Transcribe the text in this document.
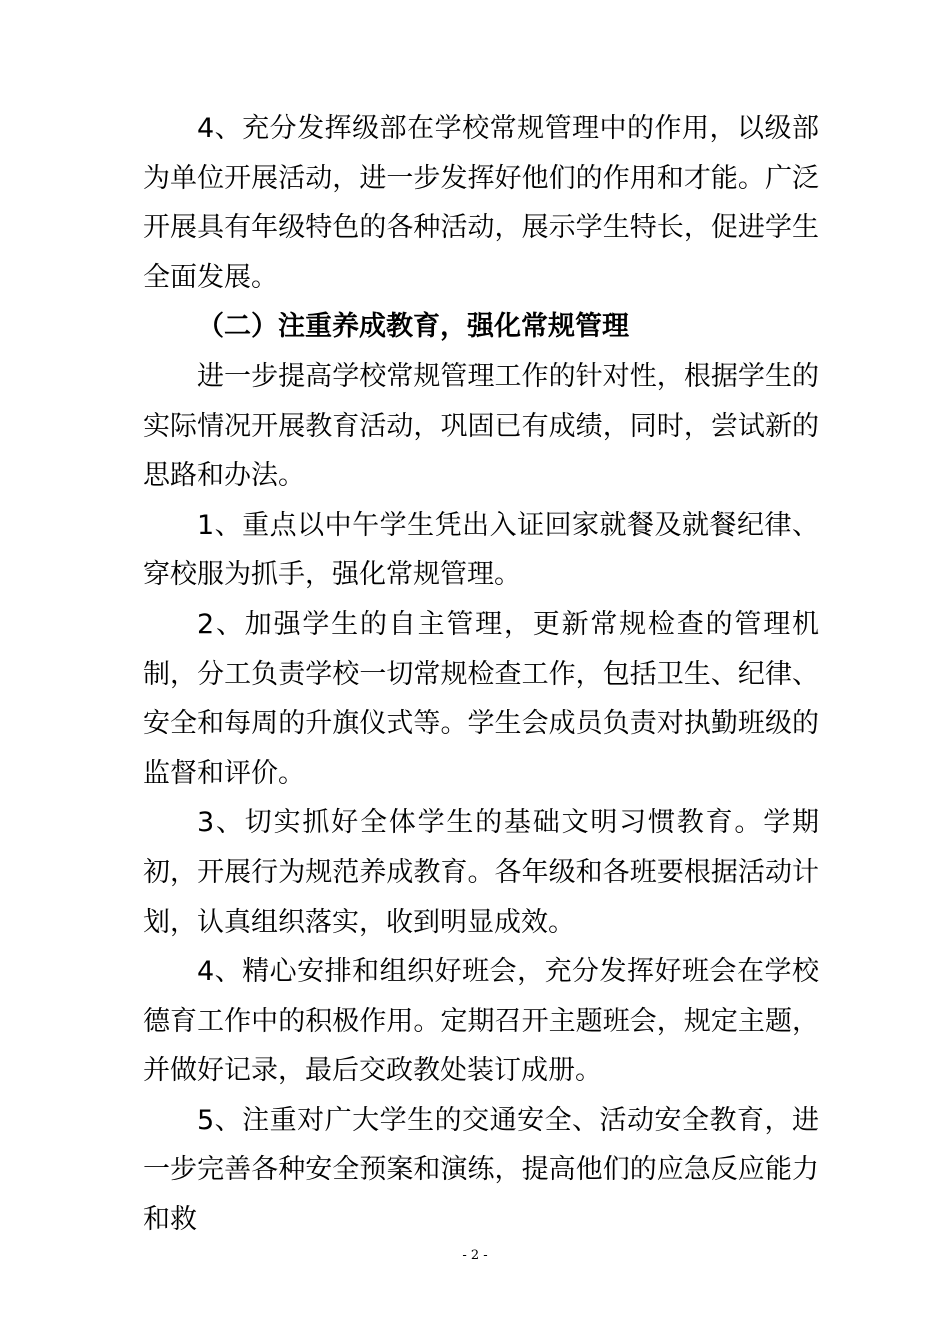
4、充分发挥级部在学校常规管理中的作用，以级部为单位开展活动，进一步发挥好他们的作用和才能。广泛开展具有年级特色的各种活动，展示学生特长，促进学生全面发展。

（二）注重养成教育，强化常规管理

进一步提高学校常规管理工作的针对性，根据学生的实际情况开展教育活动，巩固已有成绩，同时，尝试新的思路和办法。

1、重点以中午学生凭出入证回家就餐及就餐纪律、穿校服为抓手，强化常规管理。

2、加强学生的自主管理，更新常规检查的管理机制，分工负责学校一切常规检查工作，包括卫生、纪律、安全和每周的升旗仪式等。学生会成员负责对执勤班级的监督和评价。

3、切实抓好全体学生的基础文明习惯教育。学期初，开展行为规范养成教育。各年级和各班要根据活动计划，认真组织落实，收到明显成效。

4、精心安排和组织好班会，充分发挥好班会在学校德育工作中的积极作用。定期召开主题班会，规定主题，并做好记录，最后交政教处装订成册。

5、注重对广大学生的交通安全、活动安全教育，进一步完善各种安全预案和演练，提高他们的应急反应能力和救

- 2 -
